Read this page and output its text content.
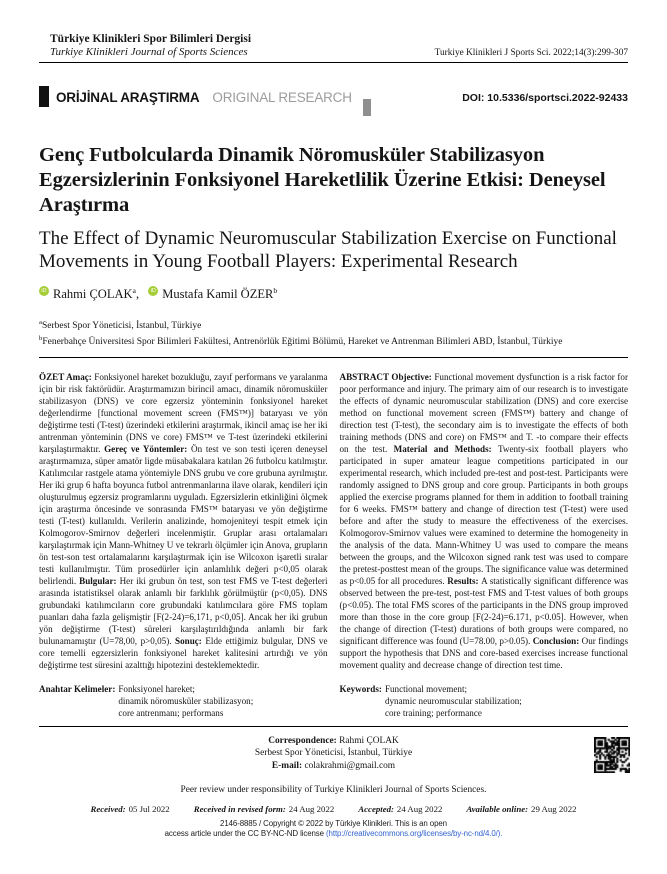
Türkiye Klinikleri Spor Bilimleri Dergisi
Turkiye Klinikleri Journal of Sports Sciences	Turkiye Klinikleri J Sports Sci. 2022;14(3):299-307
ORİJİNAL ARAŞTIRMA ORIGINAL RESEARCH	DOI: 10.5336/sportsci.2022-92433
Genç Futbolcularda Dinamik Nöromusküler Stabilizasyon Egzersizlerinin Fonksiyonel Hareketlilik Üzerine Etkisi: Deneysel Araştırma
The Effect of Dynamic Neuromuscular Stabilization Exercise on Functional Movements in Young Football Players: Experimental Research
iD Rahmi ÇOLAK$^a$, iD Mustafa Kamil ÖZER$^b$
$^a$Serbest Spor Yöneticisi, İstanbul, Türkiye
$^b$Fenerbahçe Üniversitesi Spor Bilimleri Fakültesi, Antrenörlük Eğitimi Bölümü, Hareket ve Antrenman Bilimleri ABD, İstanbul, Türkiye

ÖZET Amaç: Fonksiyonel hareket bozukluğu, zayıf performans ve yaralanma için bir risk faktörüdür. Araştırmamızın birincil amacı, dinamik nöromusküler stabilizasyon (DNS) ve core egzersiz yönteminin fonksiyonel hareket değerlendirme [functional movement screen (FMS™)] bataryası ve yön değiştirme testi (T-test) üzerindeki etkilerini araştırmak, ikincil amaç ise her iki antrenman yönteminin (DNS ve core) FMS™ ve T-test üzerindeki etkilerini karşılaştırmaktır. Gereç ve Yöntemler: Ön test ve son testi içeren deneysel araştırmamıza, süper amatör ligde müsabakalara katılan 26 futbolcu katılmıştır. Katılımcılar rastgele atama yöntemiyle DNS grubu ve core grubuna ayrılmıştır. Her iki grup 6 hafta boyunca futbol antrenmanlarına ilave olarak, kendileri için oluşturulmuş egzersiz programlarını uyguladı. Egzersizlerin etkinliğini ölçmek için araştırma öncesinde ve sonrasında FMS™ bataryası ve yön değiştirme testi (T-test) kullanıldı. Verilerin analizinde, homojeniteyi tespit etmek için Kolmogorov-Smirnov değerleri incelenmiştir. Gruplar arası ortalamaları karşılaştırmak için Mann-Whitney U ve tekrarlı ölçümler için Anova, grupların ön test-son test ortalamalarını karşılaştırmak için ise Wilcoxon işaretli sıralar testi kullanılmıştır. Tüm prosedürler için anlamlılık değeri p<0,05 olarak belirlendi. Bulgular: Her iki grubun ön test, son test FMS ve T-test değerleri arasında istatistiksel olarak anlamlı bir farklılık görülmüştür (p<0,05). DNS grubundaki katılımcıların core grubundaki katılımcılara göre FMS toplam puanları daha fazla gelişmiştir [F(2-24)=6,171, p<0,05]. Ancak her iki grubun yön değiştirme (T-test) süreleri karşılaştırıldığında anlamlı bir fark bulunamamıştır (U=78,00, p>0,05). Sonuç: Elde ettiğimiz bulgular, DNS ve core temelli egzersizlerin fonksiyonel hareket kalitesini artırdığı ve yön değiştirme test süresini azalttığı hipotezini desteklemektedir.

Anahtar Kelimeler: Fonksiyonel hareket;
dinamik nöromusküler stabilizasyon;
core antrenmanı; performans

ABSTRACT Objective: Functional movement dysfunction is a risk factor for poor performance and injury. The primary aim of our research is to investigate the effects of dynamic neuromuscular stabilization (DNS) and core exercise method on functional movement screen (FMS™) battery and change of direction test (T-test), the secondary aim is to investigate the effects of both training methods (DNS and core) on FMS™ and T. -to compare their effects on the test. Material and Methods: Twenty-six football players who participated in super amateur league competitions participated in our experimental research, which included pre-test and post-test. Participants were randomly assigned to DNS group and core group. Participants in both groups applied the exercise programs planned for them in addition to football training for 6 weeks. FMS™ battery and change of direction test (T-test) were used before and after the study to measure the effectiveness of the exercises. Kolmogorov-Smirnov values were examined to determine the homogeneity in the analysis of the data. Mann-Whitney U was used to compare the means between the groups, and the Wilcoxon signed rank test was used to compare the pretest-posttest mean of the groups. The significance value was determined as p<0.05 for all procedures. Results: A statistically significant difference was observed between the pre-test, post-test FMS and T-test values of both groups (p<0.05). The total FMS scores of the participants in the DNS group improved more than those in the core group [F(2-24)=6.171, p<0.05]. However, when the change of direction (T-test) durations of both groups were compared, no significant difference was found (U=78.00, p>0.05). Conclusion: Our findings support the hypothesis that DNS and core-based exercises increase functional movement quality and decrease change of direction test time.

Keywords: Functional movement;
dynamic neuromuscular stabilization;
core training; performance
Correspondence: Rahmi ÇOLAK
Serbest Spor Yöneticisi, İstanbul, Türkiye
E-mail: colakrahmi@gmail.com
Peer review under responsibility of Turkiye Klinikleri Journal of Sports Sciences.
Received: 05 Jul 2022	Received in revised form: 24 Aug 2022	Accepted: 24 Aug 2022	Available online: 29 Aug 2022
2146-8885 / Copyright © 2022 by Türkiye Klinikleri. This is an open
access article under the CC BY-NC-ND license (http://creativecommons.org/licenses/by-nc-nd/4.0/).
